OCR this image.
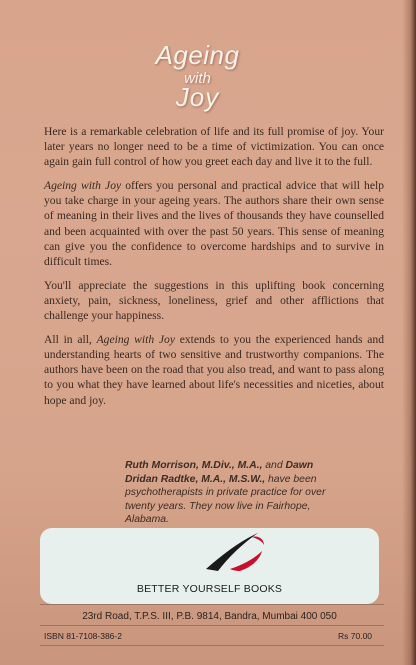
Ageing
with
Joy

Here is a remarkable celebration of life and its full promise of joy. Your later years no longer need to be a time of victimization. You can once again gain full control of how you greet each day and live it to the full.

Ageing with Joy offers you personal and practical advice that will help you take charge in your ageing years. The authors share their own sense of meaning in their lives and the lives of thousands they have counselled and been acquainted with over the past 50 years. This sense of meaning can give you the confidence to overcome hardships and to survive in difficult times.

You'll appreciate the suggestions in this uplifting book concerning anxiety, pain, sickness, loneliness, grief and other afflictions that challenge your happiness.

All in all, Ageing with Joy extends to you the experienced hands and understanding hearts of two sensitive and trustworthy companions. The authors have been on the road that you also tread, and want to pass along to you what they have learned about life's necessities and niceties, about hope and joy.

Ruth Morrison, M.Div., M.A., and Dawn Dridan Radtke, M.A., M.S.W., have been psychotherapists in private practice for over twenty years. They now live in Fairhope, Alabama.
BETTER YOURSELF BOOKS
23rd Road, T.P.S. III, P.B. 9814, Bandra, Mumbai 400 050
ISBN 81-7108-386-2	Rs 70.00
